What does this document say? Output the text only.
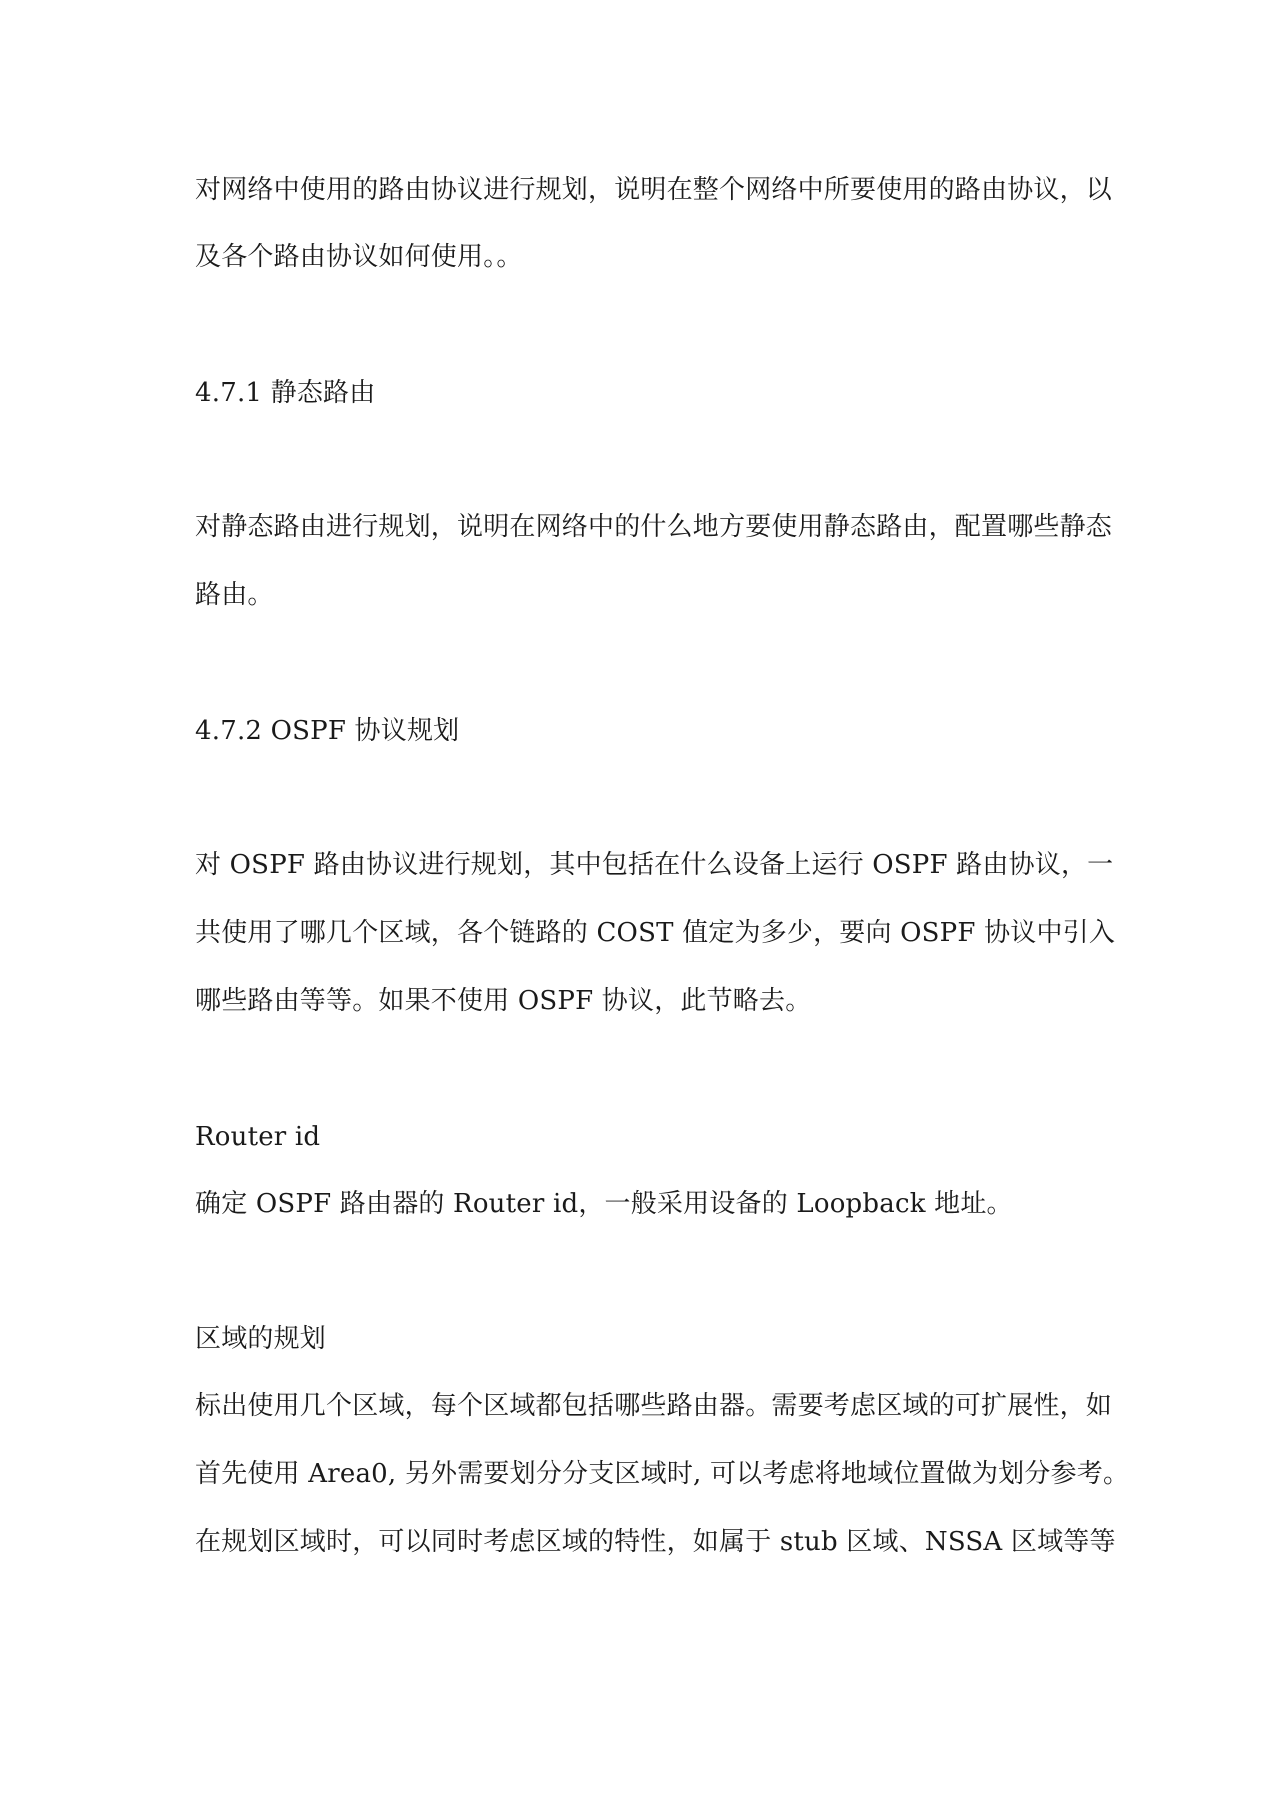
对网络中使用的路由协议进行规划，说明在整个网络中所要使用的路由协议，以
及各个路由协议如何使用。。
4.7.1 静态路由
对静态路由进行规划，说明在网络中的什么地方要使用静态路由，配置哪些静态
路由。
4.7.2 OSPF 协议规划
对 OSPF 路由协议进行规划，其中包括在什么设备上运行 OSPF 路由协议，一
共使用了哪几个区域，各个链路的 COST 值定为多少，要向 OSPF 协议中引入
哪些路由等等。如果不使用 OSPF 协议，此节略去。
Router id
确定 OSPF 路由器的 Router id，一般采用设备的 Loopback 地址。
区域的规划
标出使用几个区域，每个区域都包括哪些路由器。需要考虑区域的可扩展性，如
首先使用 Area0, 另外需要划分分支区域时, 可以考虑将地域位置做为划分参考。
在规划区域时，可以同时考虑区域的特性，如属于 stub 区域、NSSA 区域等等
